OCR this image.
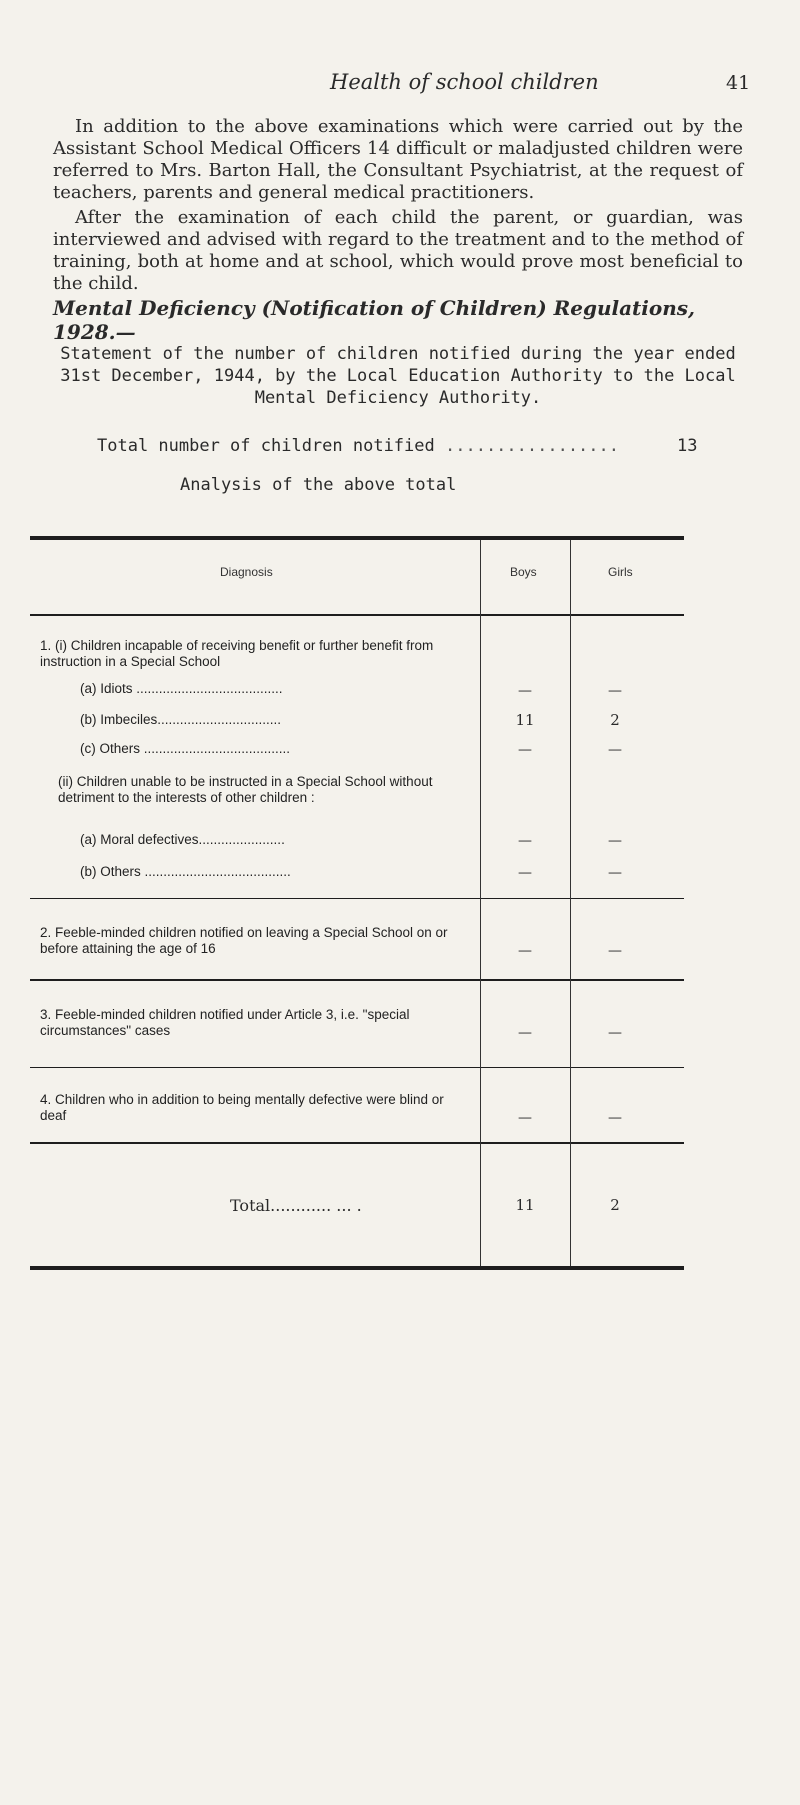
Health of school children	41

In addition to the above examinations which were carried out by the Assistant School Medical Officers 14 difficult or maladjusted children were referred to Mrs. Barton Hall, the Consultant Psychiatrist, at the request of teachers, parents and general medical practitioners.

After the examination of each child the parent, or guardian, was interviewed and advised with regard to the treatment and to the method of training, both at home and at school, which would prove most beneficial to the child.

Mental Deficiency (Notification of Children) Regulations, 1928.—

Statement of the number of children notified during the year ended 31st December, 1944, by the Local Education Authority to the Local Mental Deficiency Authority.

Total number of children notified .................	13
Analysis of the above total
Diagnosis	Boys	Girls
1. (i) Children incapable of receiving benefit or further benefit from instruction in a Special School
(a) Idiots .......................................	—	—
(b) Imbeciles.................................	11	2
(c) Others .......................................	—	—
(ii) Children unable to be instructed in a Special School without detriment to the interests of other children :
(a) Moral defectives.......................	—	—
(b) Others .......................................	—	—
2. Feeble-minded children notified on leaving a Special School on or before attaining the age of 16	—	—
3. Feeble-minded children notified under Article 3, i.e. "special circumstances" cases	—	—
4. Children who in addition to being mentally defective were blind or deaf	—	—
Total............ ... .	11	2
